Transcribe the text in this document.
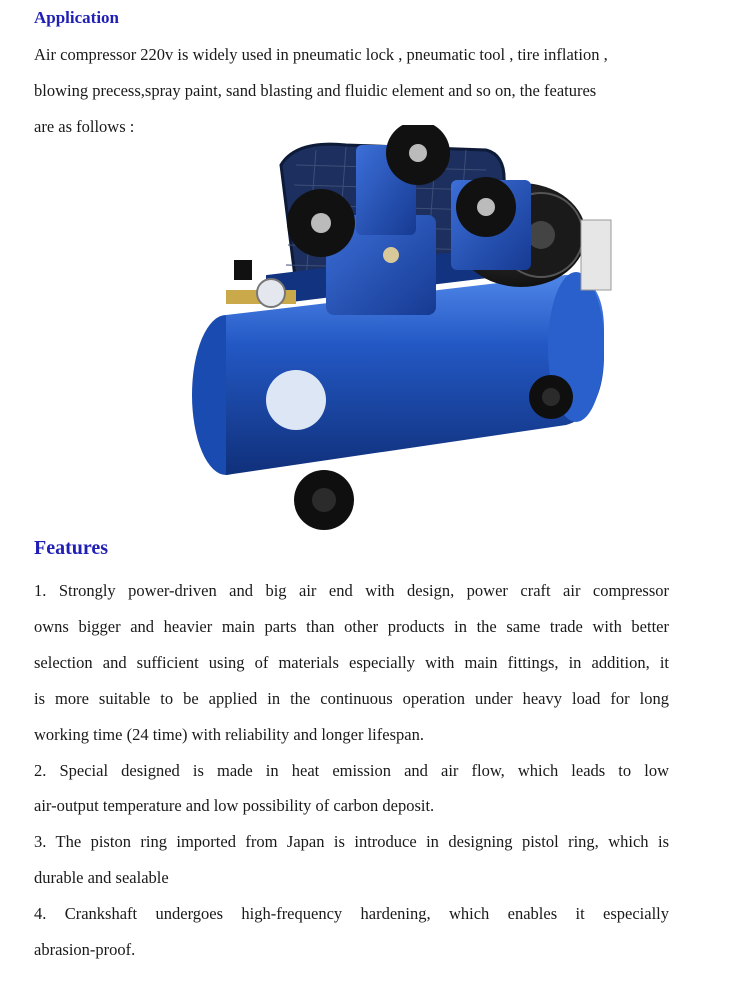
Application

Air compressor 220v is widely used in pneumatic lock , pneumatic tool , tire inflation ,

blowing precess,spray paint, sand blasting and fluidic element and so on, the features

are as follows :

Features

1. Strongly power-driven and big air end with design, power craft air compressor

owns bigger and heavier main parts than other products in the same trade with better

selection and sufficient using of materials especially with main fittings, in addition, it

is more suitable to be applied in the continuous operation under heavy load for long

working time (24 time) with reliability and longer lifespan.

2. Special designed is made in heat emission and air flow, which leads to low

air-output temperature and low possibility of carbon deposit.

3. The piston ring imported from Japan is introduce in designing pistol ring, which is

durable and sealable

4. Crankshaft undergoes high-frequency hardening, which enables it especially

abrasion-proof.
